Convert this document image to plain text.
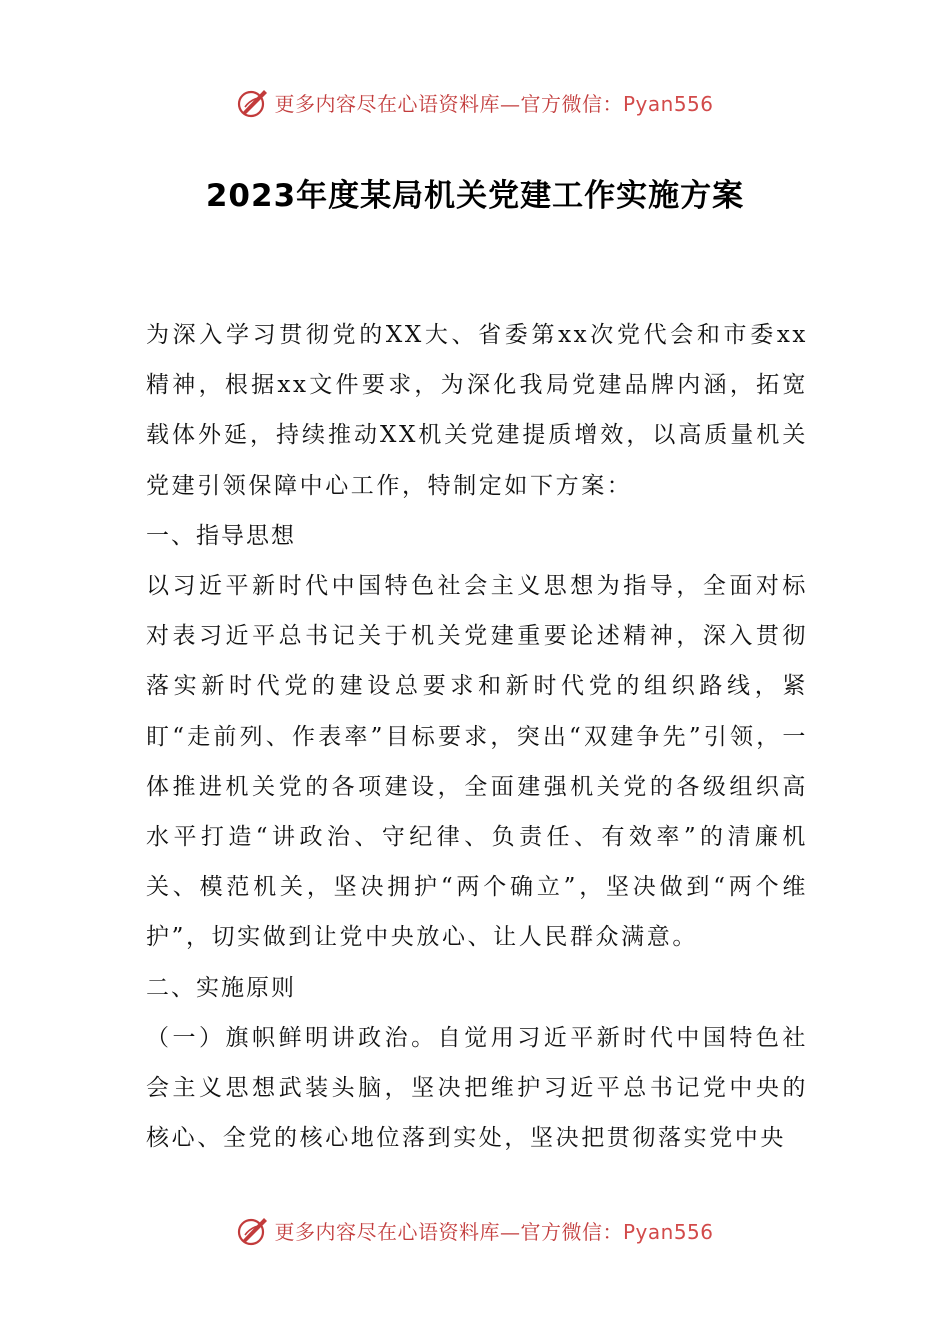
更多内容尽在心语资料库—官方微信：Pyan556
2023年度某局机关党建工作实施方案

为深入学习贯彻党的XX大、省委第xx次党代会和市委xx精神，根据xx文件要求，为深化我局党建品牌内涵，拓宽载体外延，持续推动XX机关党建提质增效，以高质量机关党建引领保障中心工作，特制定如下方案：

一、指导思想

以习近平新时代中国特色社会主义思想为指导，全面对标对表习近平总书记关于机关党建重要论述精神，深入贯彻落实新时代党的建设总要求和新时代党的组织路线，紧盯“走前列、作表率”目标要求，突出“双建争先”引领，一体推进机关党的各项建设，全面建强机关党的各级组织高水平打造“讲政治、守纪律、负责任、有效率”的清廉机关、模范机关，坚决拥护“两个确立”，坚决做到“两个维护”，切实做到让党中央放心、让人民群众满意。

二、实施原则

（一）旗帜鲜明讲政治。自觉用习近平新时代中国特色社会主义思想武装头脑，坚决把维护习近平总书记党中央的核心、全党的核心地位落到实处，坚决把贯彻落实党中央

更多内容尽在心语资料库—官方微信：Pyan556
